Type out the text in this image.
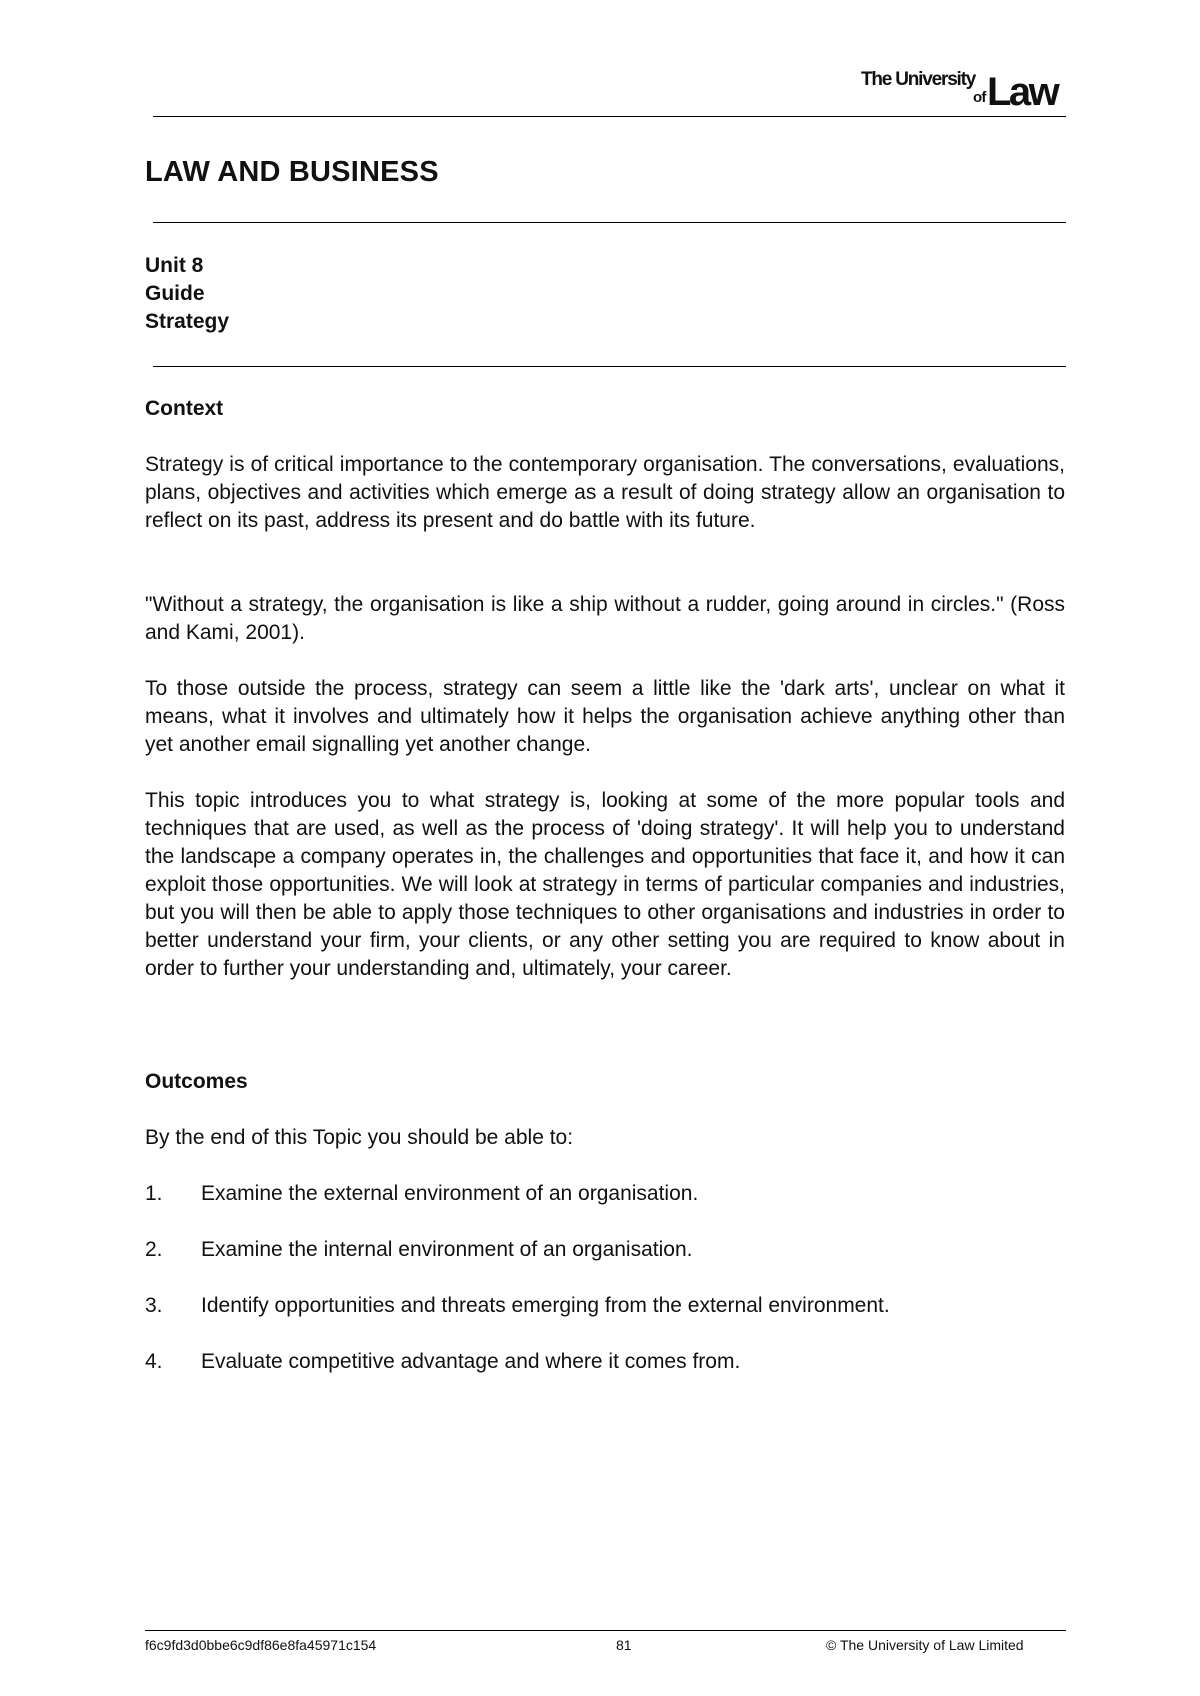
The University
of Law
LAW AND BUSINESS
Unit 8
Guide
Strategy
Context

Strategy is of critical importance to the contemporary organisation. The conversations, evaluations, plans, objectives and activities which emerge as a result of doing strategy allow an organisation to reflect on its past, address its present and do battle with its future.

"Without a strategy, the organisation is like a ship without a rudder, going around in circles." (Ross and Kami, 2001).

To those outside the process, strategy can seem a little like the 'dark arts', unclear on what it means, what it involves and ultimately how it helps the organisation achieve anything other than yet another email signalling yet another change.

This topic introduces you to what strategy is, looking at some of the more popular tools and techniques that are used, as well as the process of 'doing strategy'. It will help you to understand the landscape a company operates in, the challenges and opportunities that face it, and how it can exploit those opportunities. We will look at strategy in terms of particular companies and industries, but you will then be able to apply those techniques to other organisations and industries in order to better understand your firm, your clients, or any other setting you are required to know about in order to further your understanding and, ultimately, your career.

Outcomes

By the end of this Topic you should be able to:

1.	Examine the external environment of an organisation.
2.	Examine the internal environment of an organisation.
3.	Identify opportunities and threats emerging from the external environment.
4.	Evaluate competitive advantage and where it comes from.
f6c9fd3d0bbe6c9df86e8fa45971c154	81	© The University of Law Limited
